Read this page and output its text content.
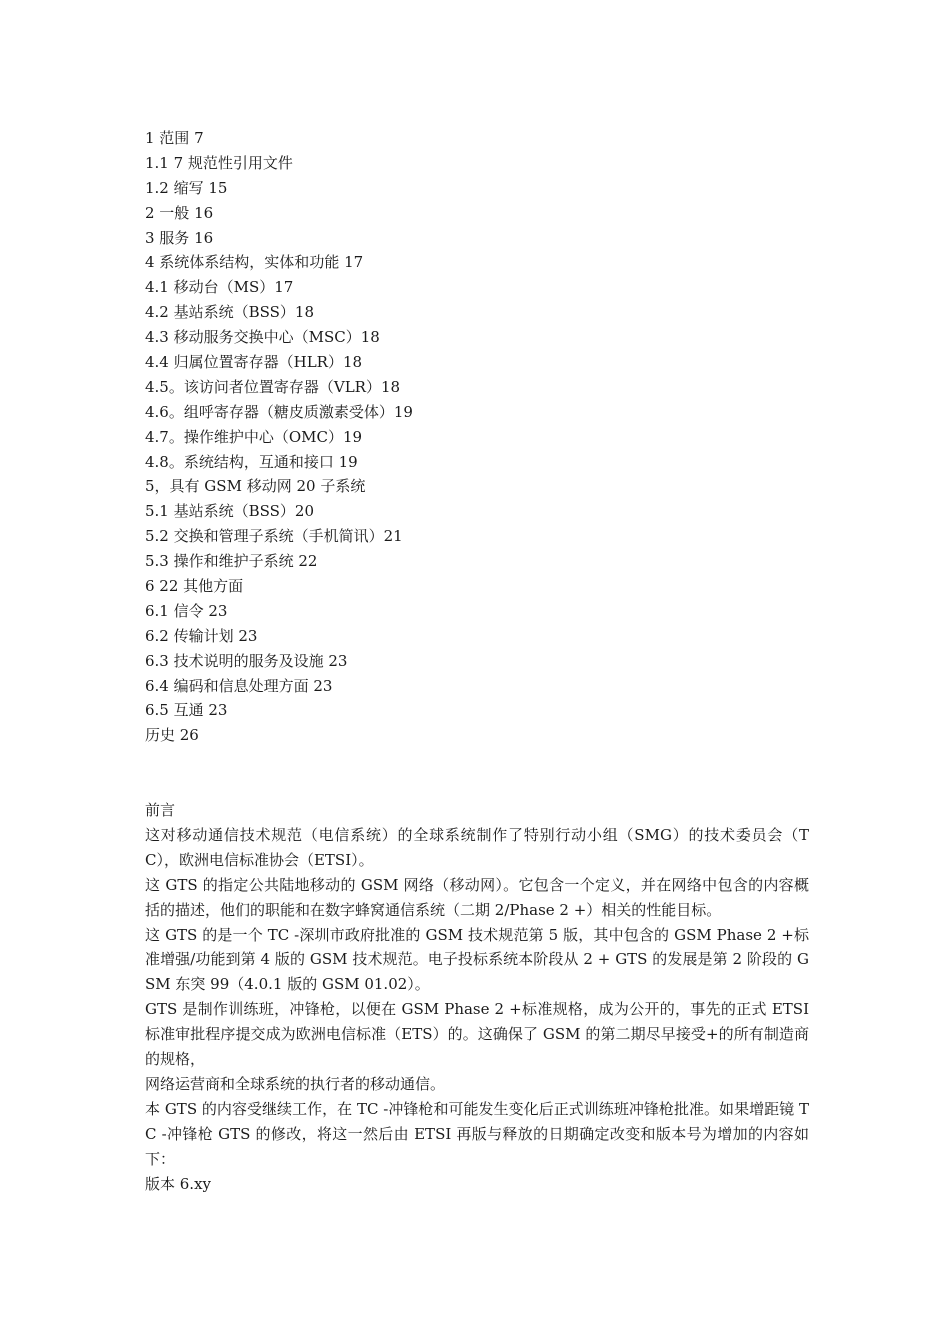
1 范围 7
1.1 7 规范性引用文件
1.2 缩写 15
2 一般 16
3 服务 16
4 系统体系结构，实体和功能 17
4.1 移动台（MS）17
4.2 基站系统（BSS）18
4.3 移动服务交换中心（MSC）18
4.4 归属位置寄存器（HLR）18
4.5。该访问者位置寄存器（VLR）18
4.6。组呼寄存器（糖皮质激素受体）19
4.7。操作维护中心（OMC）19
4.8。系统结构，互通和接口 19
5，具有 GSM 移动网 20 子系统
5.1 基站系统（BSS）20
5.2 交换和管理子系统（手机简讯）21
5.3 操作和维护子系统 22
6 22 其他方面
6.1 信令 23
6.2 传输计划 23
6.3 技术说明的服务及设施 23
6.4 编码和信息处理方面 23
6.5 互通 23
历史 26
前言

这对移动通信技术规范（电信系统）的全球系统制作了特别行动小组（SMG）的技术委员会（TC），欧洲电信标准协会（ETSI）。

这 GTS 的指定公共陆地移动的 GSM 网络（移动网）。它包含一个定义，并在网络中包含的内容概括的描述，他们的职能和在数字蜂窝通信系统（二期 2/Phase 2 +）相关的性能目标。

这 GTS 的是一个 TC -深圳市政府批准的 GSM 技术规范第 5 版，其中包含的 GSM Phase 2 +标准增强/功能到第 4 版的 GSM 技术规范。电子投标系统本阶段从 2 + GTS 的发展是第 2 阶段的 GSM 东突 99（4.0.1 版的 GSM 01.02）。

GTS 是制作训练班，冲锋枪，以便在 GSM Phase 2 +标准规格，成为公开的，事先的正式 ETSI 标准审批程序提交成为欧洲电信标准（ETS）的。这确保了 GSM 的第二期尽早接受+的所有制造商的规格，

网络运营商和全球系统的执行者的移动通信。

本 GTS 的内容受继续工作，在 TC -冲锋枪和可能发生变化后正式训练班冲锋枪批准。如果增距镜 TC -冲锋枪 GTS 的修改，将这一然后由 ETSI 再版与释放的日期确定改变和版本号为增加的内容如下：

版本 6.xy
